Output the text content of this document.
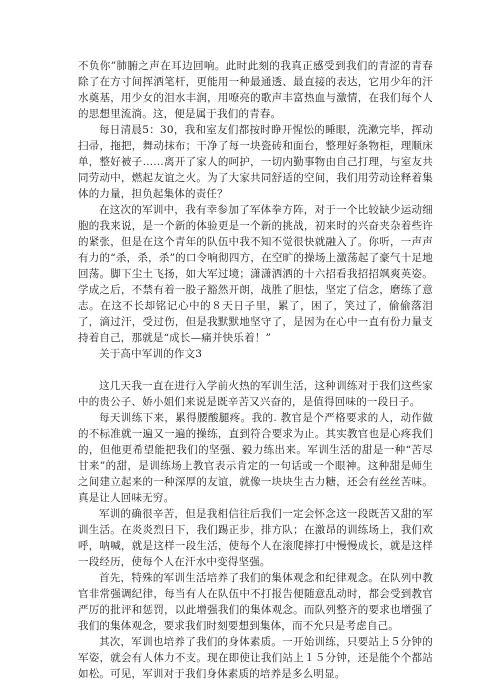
不负你”肺腑之声在耳边回响。此时此刻的我真正感受到我们的青涩的青春除了在方寸间挥洒笔杆，更能用一种最通透、最直接的表达，它用少年的汗水奠基，用少女的泪水丰润，用嘹亮的歌声丰富热血与激情，在我们每个人的思想里流淌。这，便是属于我们的青春。

每日清晨5：30，我和室友们都按时睁开惺忪的睡眼，洗漱完毕，挥动扫帚，拖把，舞动抹布；干净了每一块瓷砖和面台，整理好条物柜，理顺床单，整好被子……离开了家人的呵护，一切内勤事物由自己打理，与室友共同劳动中，燃起友谊之火。为了大家共同舒适的空间，我们用劳动诠释着集体的力量，担负起集体的责任？

在这次的军训中，我有幸参加了军体拳方阵，对于一个比较缺少运动细胞的我来说，是一个新的体验更是一个新的挑战，初来时的兴奋夹杂着些许的紧张，但是在这个青年的队伍中我不知不觉很快就融入了。你听，一声声有力的“杀，杀，杀”的口令响彻四方，在空旷的操场上激荡起了豪气十足地回荡。脚下尘土飞扬，如大军过境；潇潇洒洒的十六招看我招招飒爽英姿。学成之后，不禁有着一股子豁然开朗，战胜了胆怯，坚定了信念，磨练了意志。在这不长却铭记心中的８天日子里，累了，困了，笑过了，偷偷落泪了，滴过汗，受过伤，但是我默默地坚守了，是因为在心中一直有份力量支持着自己，那就是“成长—痛并快乐着！”

关于高中军训的作文3

这几天我一直在进行入学前火热的军训生活，这种训练对于我们这些家中的贵公子、娇小姐们来说是既辛苦又兴奋的，是值得回味的一段日子。

每天训练下来，累得腰酸腿疼。我的. 教官是个严格要求的人，动作做的不标准就一遍又一遍的操练，直到符合要求为止。其实教官也是心疼我们的，但他更希望能把我们的坚强、毅力练出来。军训生活的甜是一种“苦尽甘来”的甜，是训练场上教官表示肯定的一句话或一个眼神。这种甜是师生之间建立起来的一种深厚的友谊，就像一块块生古力糖，还会有丝丝苦味。真是让人回味无穷。

军训的确很辛苦，但是我相信往后我们一定会怀念这一段既苦又甜的军训生活。在炎炎烈日下，我们踢正步，排方队；在激昂的训练场上，我们欢呼，呐喊，就是这样一段生活，使每个人在滚爬摔打中慢慢成长，就是这样一段经历，使每个人在汗水中变得坚强。

首先，特殊的军训生活培养了我们的集体观念和纪律观念。在队列中教官非常强调纪律，每当有人在队伍中不打报告便随意乱动时，都会受到教官严厉的批评和惩罚，以此增强我们的集体观念。而队列整齐的要求也增强了我们的集体观念，要求我们时刻要想到集体，而不允只是考虑自己。

其次，军训也培养了我们的身体素质。一开始训练，只要站上５分钟的军姿，就会有人体力不支。现在即使让我们站上１５分钟，还是能个个都站如松。可见，军训对于我们身体素质的培养是多么明显。
